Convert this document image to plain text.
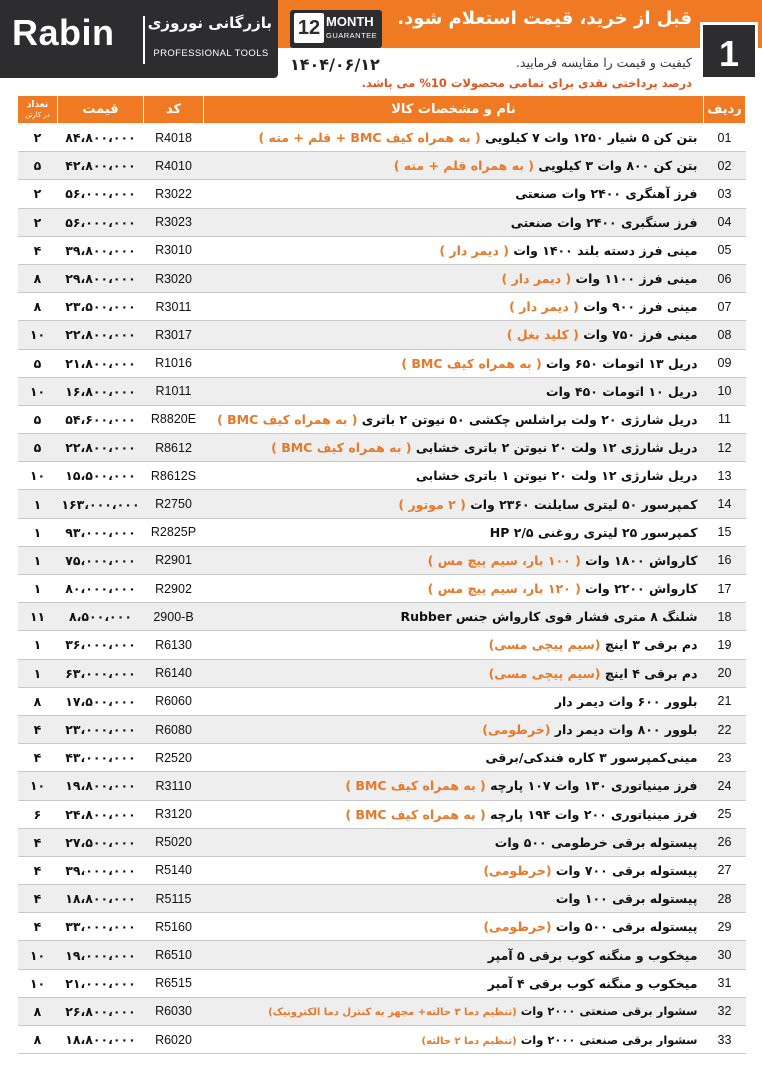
Rabin بازرگانی نوروزی
PROFESSIONAL TOOLS
12 MONTH
GUARANTEE
قبل از خرید، قیمت استعلام شود.
1
کیفیت و قیمت را مقایسه فرمایید.
۱۴۰۴/۰۶/۱۲
درصد پرداختی نقدی برای تمامی محصولات 10% می باشد.
تعداد
در کارتن	قیمت	کد	نام و مشخصات کالا	ردیف
۲	۸۴،۸۰۰،۰۰۰	R4018	بتن کن ۵ شیار ۱۲۵۰ وات ۷ کیلویی ( به همراه کیف BMC + قلم + مته )	01
۵	۴۲،۸۰۰،۰۰۰	R4010	بتن کن ۸۰۰ وات ۳ کیلویی ( به همراه قلم + مته )	02
۲	۵۶،۰۰۰،۰۰۰	R3022	فرز آهنگری ۲۴۰۰ وات صنعتی	03
۲	۵۶،۰۰۰،۰۰۰	R3023	فرز سنگبری ۲۴۰۰ وات صنعتی	04
۴	۳۹،۸۰۰،۰۰۰	R3010	مینی فرز دسته بلند ۱۴۰۰ وات ( دیمر دار )	05
۸	۲۹،۸۰۰،۰۰۰	R3020	مینی فرز ۱۱۰۰ وات ( دیمر دار )	06
۸	۲۳،۵۰۰،۰۰۰	R3011	مینی فرز ۹۰۰ وات ( دیمر دار )	07
۱۰	۲۲،۸۰۰،۰۰۰	R3017	مینی فرز ۷۵۰ وات ( کلید بغل )	08
۵	۲۱،۸۰۰،۰۰۰	R1016	دریل ۱۳ اتومات ۶۵۰ وات ( به همراه کیف BMC )	09
۱۰	۱۶،۸۰۰،۰۰۰	R1011	دریل ۱۰ اتومات ۴۵۰ وات	10
۵	۵۴،۶۰۰،۰۰۰	R8820E	دریل شارژی ۲۰ ولت براشلس چکشی ۵۰ نیوتن ۲ باتری ( به همراه کیف BMC )	11
۵	۲۲،۸۰۰،۰۰۰	R8612	دریل شارژی ۱۲ ولت ۲۰ نیوتن ۲ باتری خشابی ( به همراه کیف BMC )	12
۱۰	۱۵،۵۰۰،۰۰۰	R8612S	دریل شارژی ۱۲ ولت ۲۰ نیوتن ۱ باتری خشابی	13
۱	۱۶۳،۰۰۰،۰۰۰	R2750	کمپرسور ۵۰ لیتری سایلنت ۲۳۶۰ وات ( ۲ موتور )	14
۱	۹۳،۰۰۰،۰۰۰	R2825P	کمپرسور ۲۵ لیتری روغنی HP ۲/۵	15
۱	۷۵،۰۰۰،۰۰۰	R2901	کارواش ۱۸۰۰ وات ( ۱۰۰ بار، سیم پیچ مس )	16
۱	۸۰،۰۰۰،۰۰۰	R2902	کارواش ۲۲۰۰ وات ( ۱۲۰ بار، سیم پیچ مس )	17
۱۱	۸،۵۰۰،۰۰۰	2900-B	شلنگ ۸ متری فشار قوی کارواش جنس Rubber	18
۱	۳۶،۰۰۰،۰۰۰	R6130	دم برقی ۳ اینچ (سیم پیچی مسی)	19
۱	۶۳،۰۰۰،۰۰۰	R6140	دم برقی ۴ اینچ (سیم پیچی مسی)	20
۸	۱۷،۵۰۰،۰۰۰	R6060	بلوور ۶۰۰ وات دیمر دار	21
۴	۲۳،۰۰۰،۰۰۰	R6080	بلوور ۸۰۰ وات دیمر دار (خرطومی)	22
۴	۴۳،۰۰۰،۰۰۰	R2520	مینی‌کمپرسور ۳ کاره فندکی/برقی	23
۱۰	۱۹،۸۰۰،۰۰۰	R3110	فرز مینیاتوری ۱۳۰ وات ۱۰۷ پارچه ( به همراه کیف BMC )	24
۶	۲۴،۸۰۰،۰۰۰	R3120	فرز مینیاتوری ۲۰۰ وات ۱۹۴ پارچه ( به همراه کیف BMC )	25
۴	۲۷،۵۰۰،۰۰۰	R5020	پیستوله برقی خرطومی ۵۰۰ وات	26
۴	۳۹،۰۰۰،۰۰۰	R5140	پیستوله برقی ۷۰۰ وات (خرطومی)	27
۴	۱۸،۸۰۰،۰۰۰	R5115	پیستوله برقی ۱۰۰ وات	28
۴	۳۳،۰۰۰،۰۰۰	R5160	پیستوله برقی ۵۰۰ وات (خرطومی)	29
۱۰	۱۹،۰۰۰،۰۰۰	R6510	میخکوب و منگنه کوب برقی ۵ آمپر	30
۱۰	۲۱،۰۰۰،۰۰۰	R6515	میخکوب و منگنه کوب برقی ۴ آمپر	31
۸	۲۶،۸۰۰،۰۰۰	R6030	سشوار برقی صنعتی ۲۰۰۰ وات (تنظیم دما ۳ حالته+ مجهز به کنترل دما الکترونیک)	32
۸	۱۸،۸۰۰،۰۰۰	R6020	سشوار برقی صنعتی ۲۰۰۰ وات (تنظیم دما ۲ حالته)	33
